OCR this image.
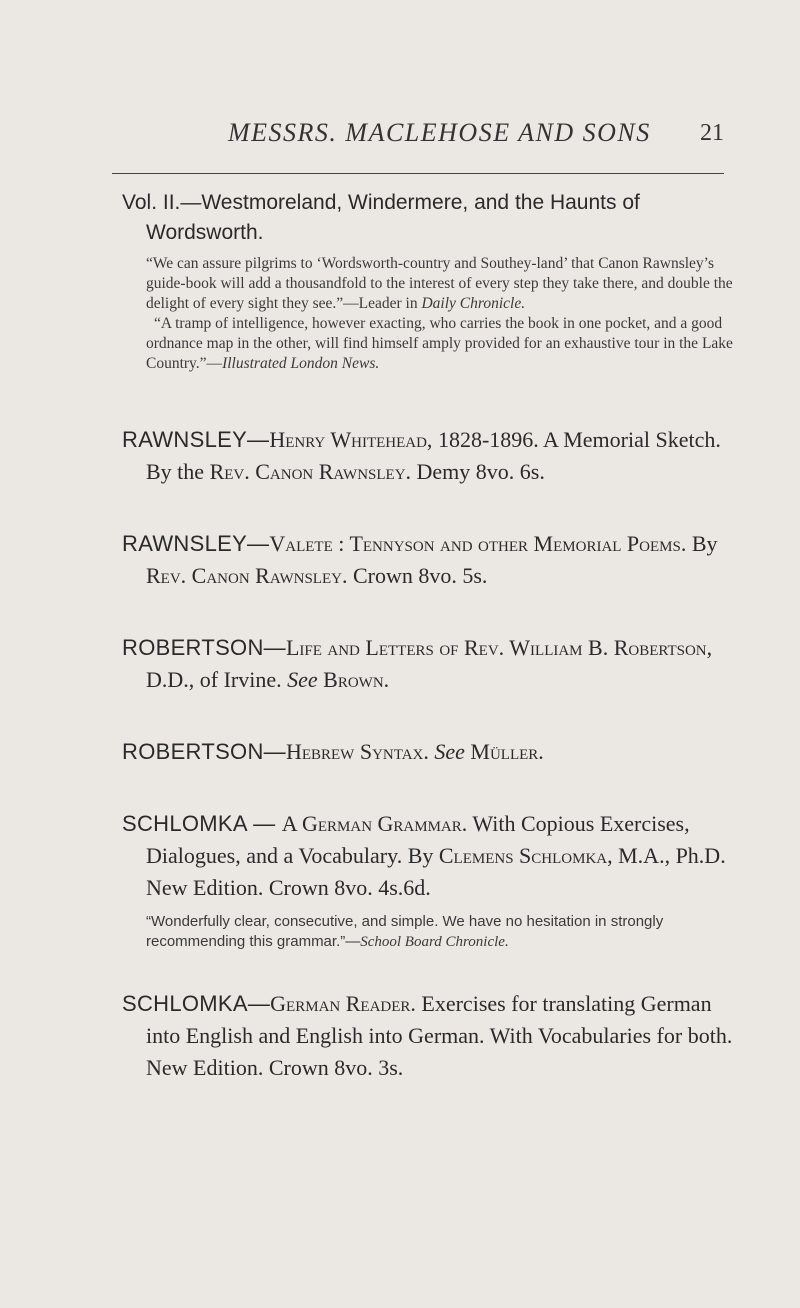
MESSRS. MACLEHOSE AND SONS 21
Vol. II.—Westmoreland, Windermere, and the Haunts of
Wordsworth.

“We can assure pilgrims to ‘Wordsworth-country and Southey-land’ that Canon Rawnsley’s guide-book will add a thousandfold to the interest of every step they take there, and double the delight of every sight they see.”—Leader in Daily Chronicle.

“A tramp of intelligence, however exacting, who carries the book in one pocket, and a good ordnance map in the other, will find himself amply provided for an exhaustive tour in the Lake Country.”—Illustrated London News.

RAWNSLEY—Henry Whitehead, 1828-1896. A Memorial Sketch. By the Rev. Canon Rawnsley. Demy 8vo. 6s.

RAWNSLEY—Valete : Tennyson and other Memorial Poems. By Rev. Canon Rawnsley. Crown 8vo. 5s.

ROBERTSON—Life and Letters of Rev. William B. Robertson, D.D., of Irvine. See Brown.

ROBERTSON—Hebrew Syntax. See Müller.

SCHLOMKA — A German Grammar. With Copious Exercises, Dialogues, and a Vocabulary. By Clemens Schlomka, M.A., Ph.D. New Edition. Crown 8vo. 4s.6d.

“Wonderfully clear, consecutive, and simple. We have no hesitation in strongly recommending this grammar.”—School Board Chronicle.

SCHLOMKA—German Reader. Exercises for translating German into English and English into German. With Vocabularies for both. New Edition. Crown 8vo. 3s.
